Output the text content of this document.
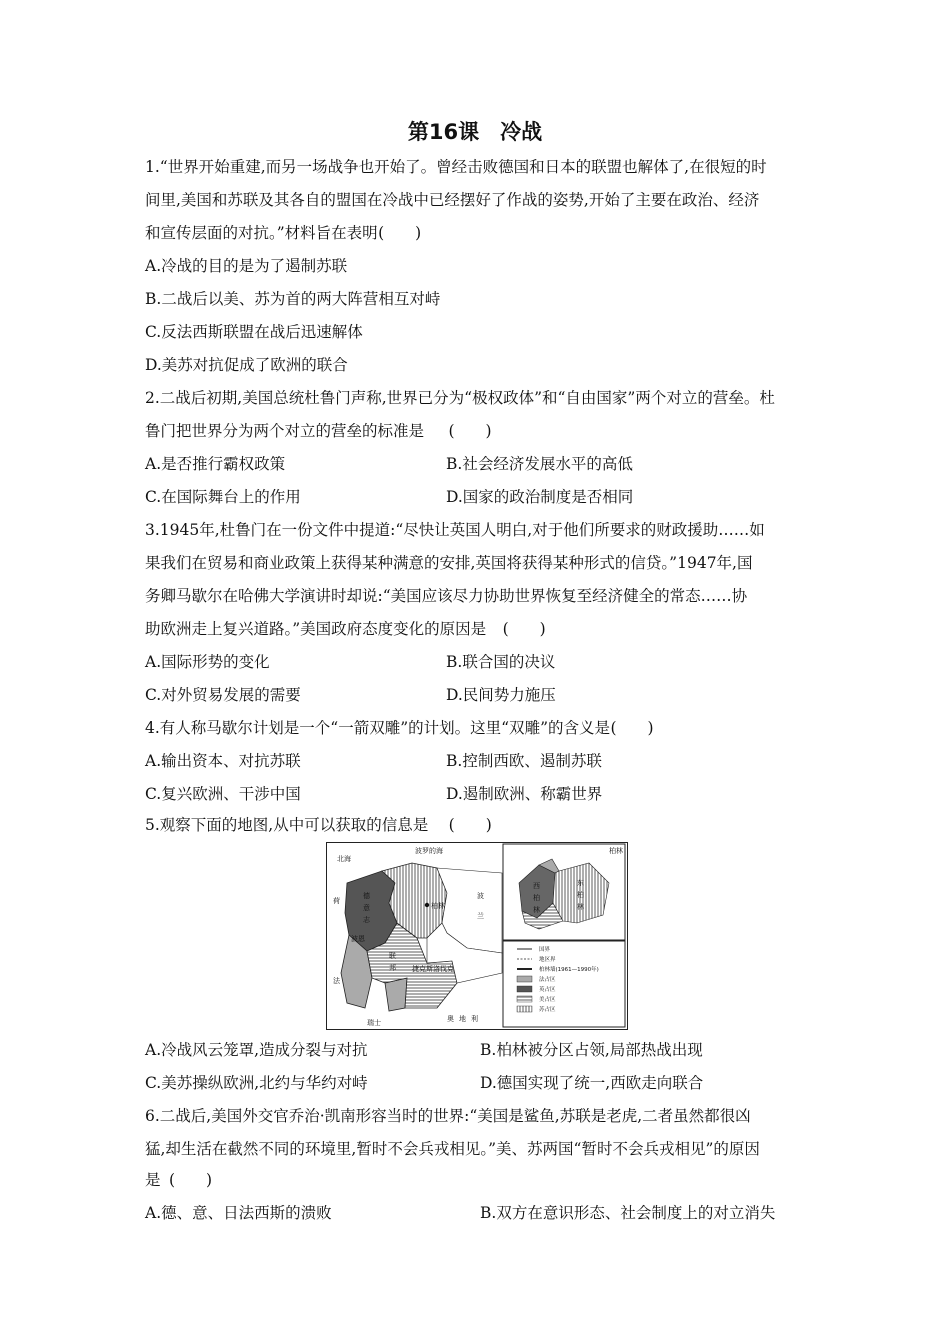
第16课　冷战
1.“世界开始重建,而另一场战争也开始了。曾经击败德国和日本的联盟也解体了,在很短的时
间里,美国和苏联及其各自的盟国在冷战中已经摆好了作战的姿势,开始了主要在政治、经济
和宣传层面的对抗。”材料旨在表明(　　)
A.冷战的目的是为了遏制苏联
B.二战后以美、苏为首的两大阵营相互对峙
C.反法西斯联盟在战后迅速解体
D.美苏对抗促成了欧洲的联合
2.二战后初期,美国总统杜鲁门声称,世界已分为“极权政体”和“自由国家”两个对立的营垒。杜
鲁门把世界分为两个对立的营垒的标准是 (　　)
A.是否推行霸权政策	B.社会经济发展水平的高低
C.在国际舞台上的作用	D.国家的政治制度是否相同
3.1945年,杜鲁门在一份文件中提道:“尽快让英国人明白,对于他们所要求的财政援助……如
果我们在贸易和商业政策上获得某种满意的安排,英国将获得某种形式的信贷。”1947年,国
务卿马歇尔在哈佛大学演讲时却说:“美国应该尽力协助世界恢复至经济健全的常态……协
助欧洲走上复兴道路。”美国政府态度变化的原因是 (　　)
A.国际形势的变化	B.联合国的决议
C.对外贸易发展的需要	D.民间势力施压
4.有人称马歇尔计划是一个“一箭双雕”的计划。这里“双雕”的含义是(　　)
A.输出资本、对抗苏联	B.控制西欧、遏制苏联
C.复兴欧洲、干涉中国	D.遏制欧洲、称霸世界
5.观察下面的地图,从中可以获取的信息是 (　　)
北海
波罗的海
柏林
波恩
捷克斯洛伐克
波
兰
奥 地 利
瑞士
法
荷
德
意
志
联
邦
柏林
西
柏
林
东
柏
林
国界
地区界
柏林墙(1961—1990年)
法占区
英占区
美占区
苏占区
A.冷战风云笼罩,造成分裂与对抗	B.柏林被分区占领,局部热战出现
C.美苏操纵欧洲,北约与华约对峙	D.德国实现了统一,西欧走向联合
6.二战后,美国外交官乔治·凯南形容当时的世界:“美国是鲨鱼,苏联是老虎,二者虽然都很凶
猛,却生活在截然不同的环境里,暂时不会兵戎相见。”美、苏两国“暂时不会兵戎相见”的原因
是 (　　)
A.德、意、日法西斯的溃败	B.双方在意识形态、社会制度上的对立消失
